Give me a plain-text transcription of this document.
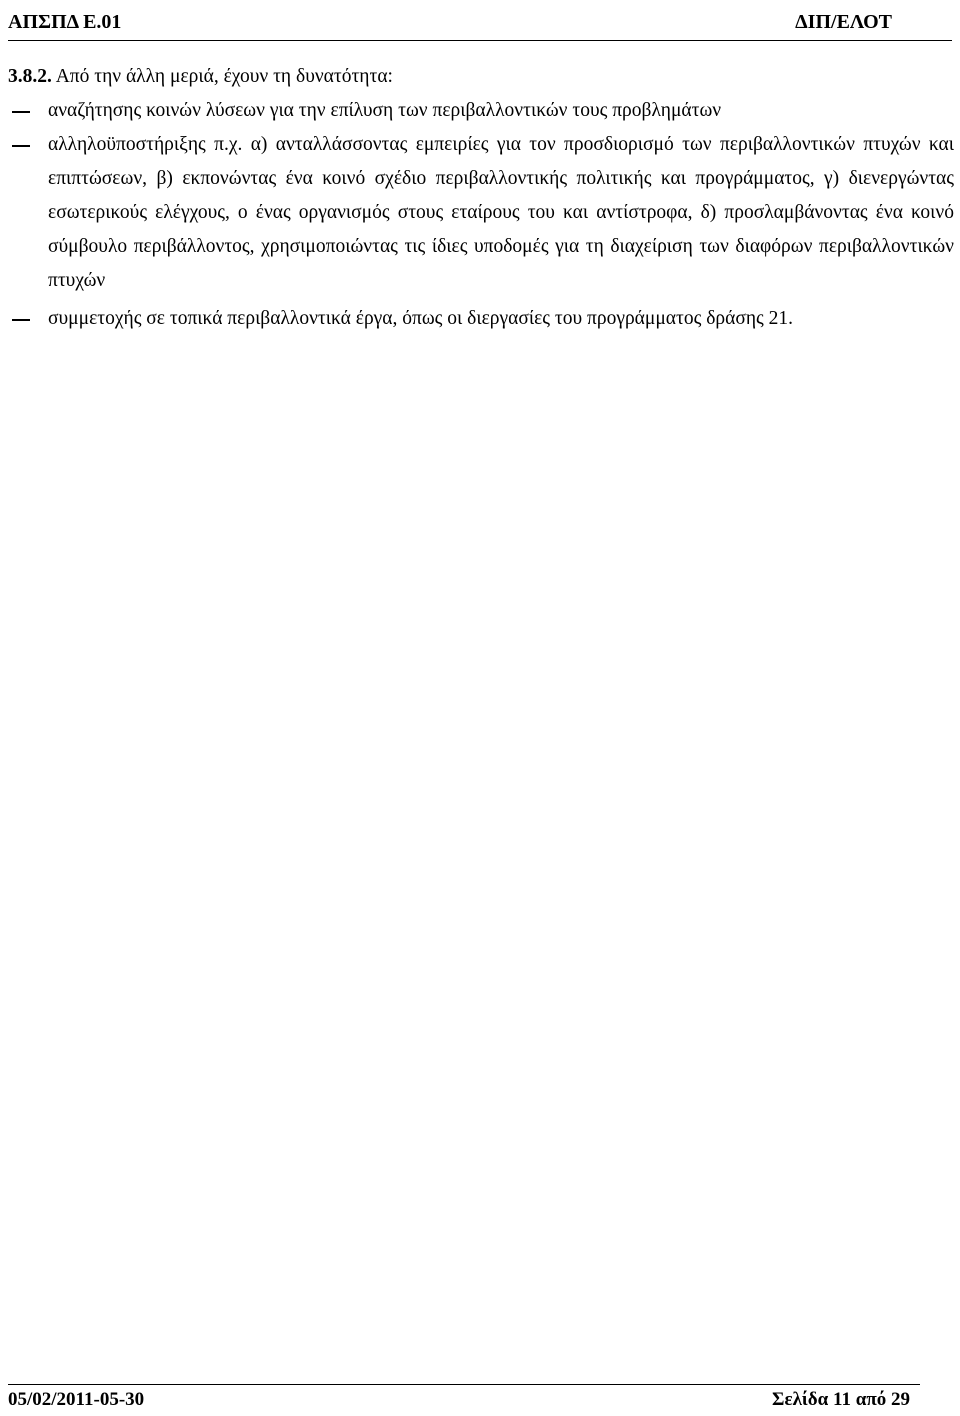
ΑΠΣΠΔ Ε.01	ΔΙΠ/ΕΛΟΤ

3.8.2. Από την άλλη μεριά, έχουν τη δυνατότητα:

αναζήτησης κοινών λύσεων για την επίλυση των περιβαλλοντικών τους προβλημάτων
αλληλοϋποστήριξης π.χ. α) ανταλλάσσοντας εμπειρίες για τον προσδιορισμό των περιβαλλοντικών πτυχών και επιπτώσεων, β) εκπονώντας ένα κοινό σχέδιο περιβαλλοντικής πολιτικής και προγράμματος, γ) διενεργώντας εσωτερικούς ελέγχους, ο ένας οργανισμός στους εταίρους του και αντίστροφα, δ) προσλαμβάνοντας ένα κοινό σύμβουλο περιβάλλοντος, χρησιμοποιώντας τις ίδιες υποδομές για τη διαχείριση των διαφόρων περιβαλλοντικών πτυχών
συμμετοχής σε τοπικά περιβαλλοντικά έργα, όπως οι διεργασίες του προγράμματος δράσης 21.
05/02/2011-05-30	Σελίδα 11 από 29
